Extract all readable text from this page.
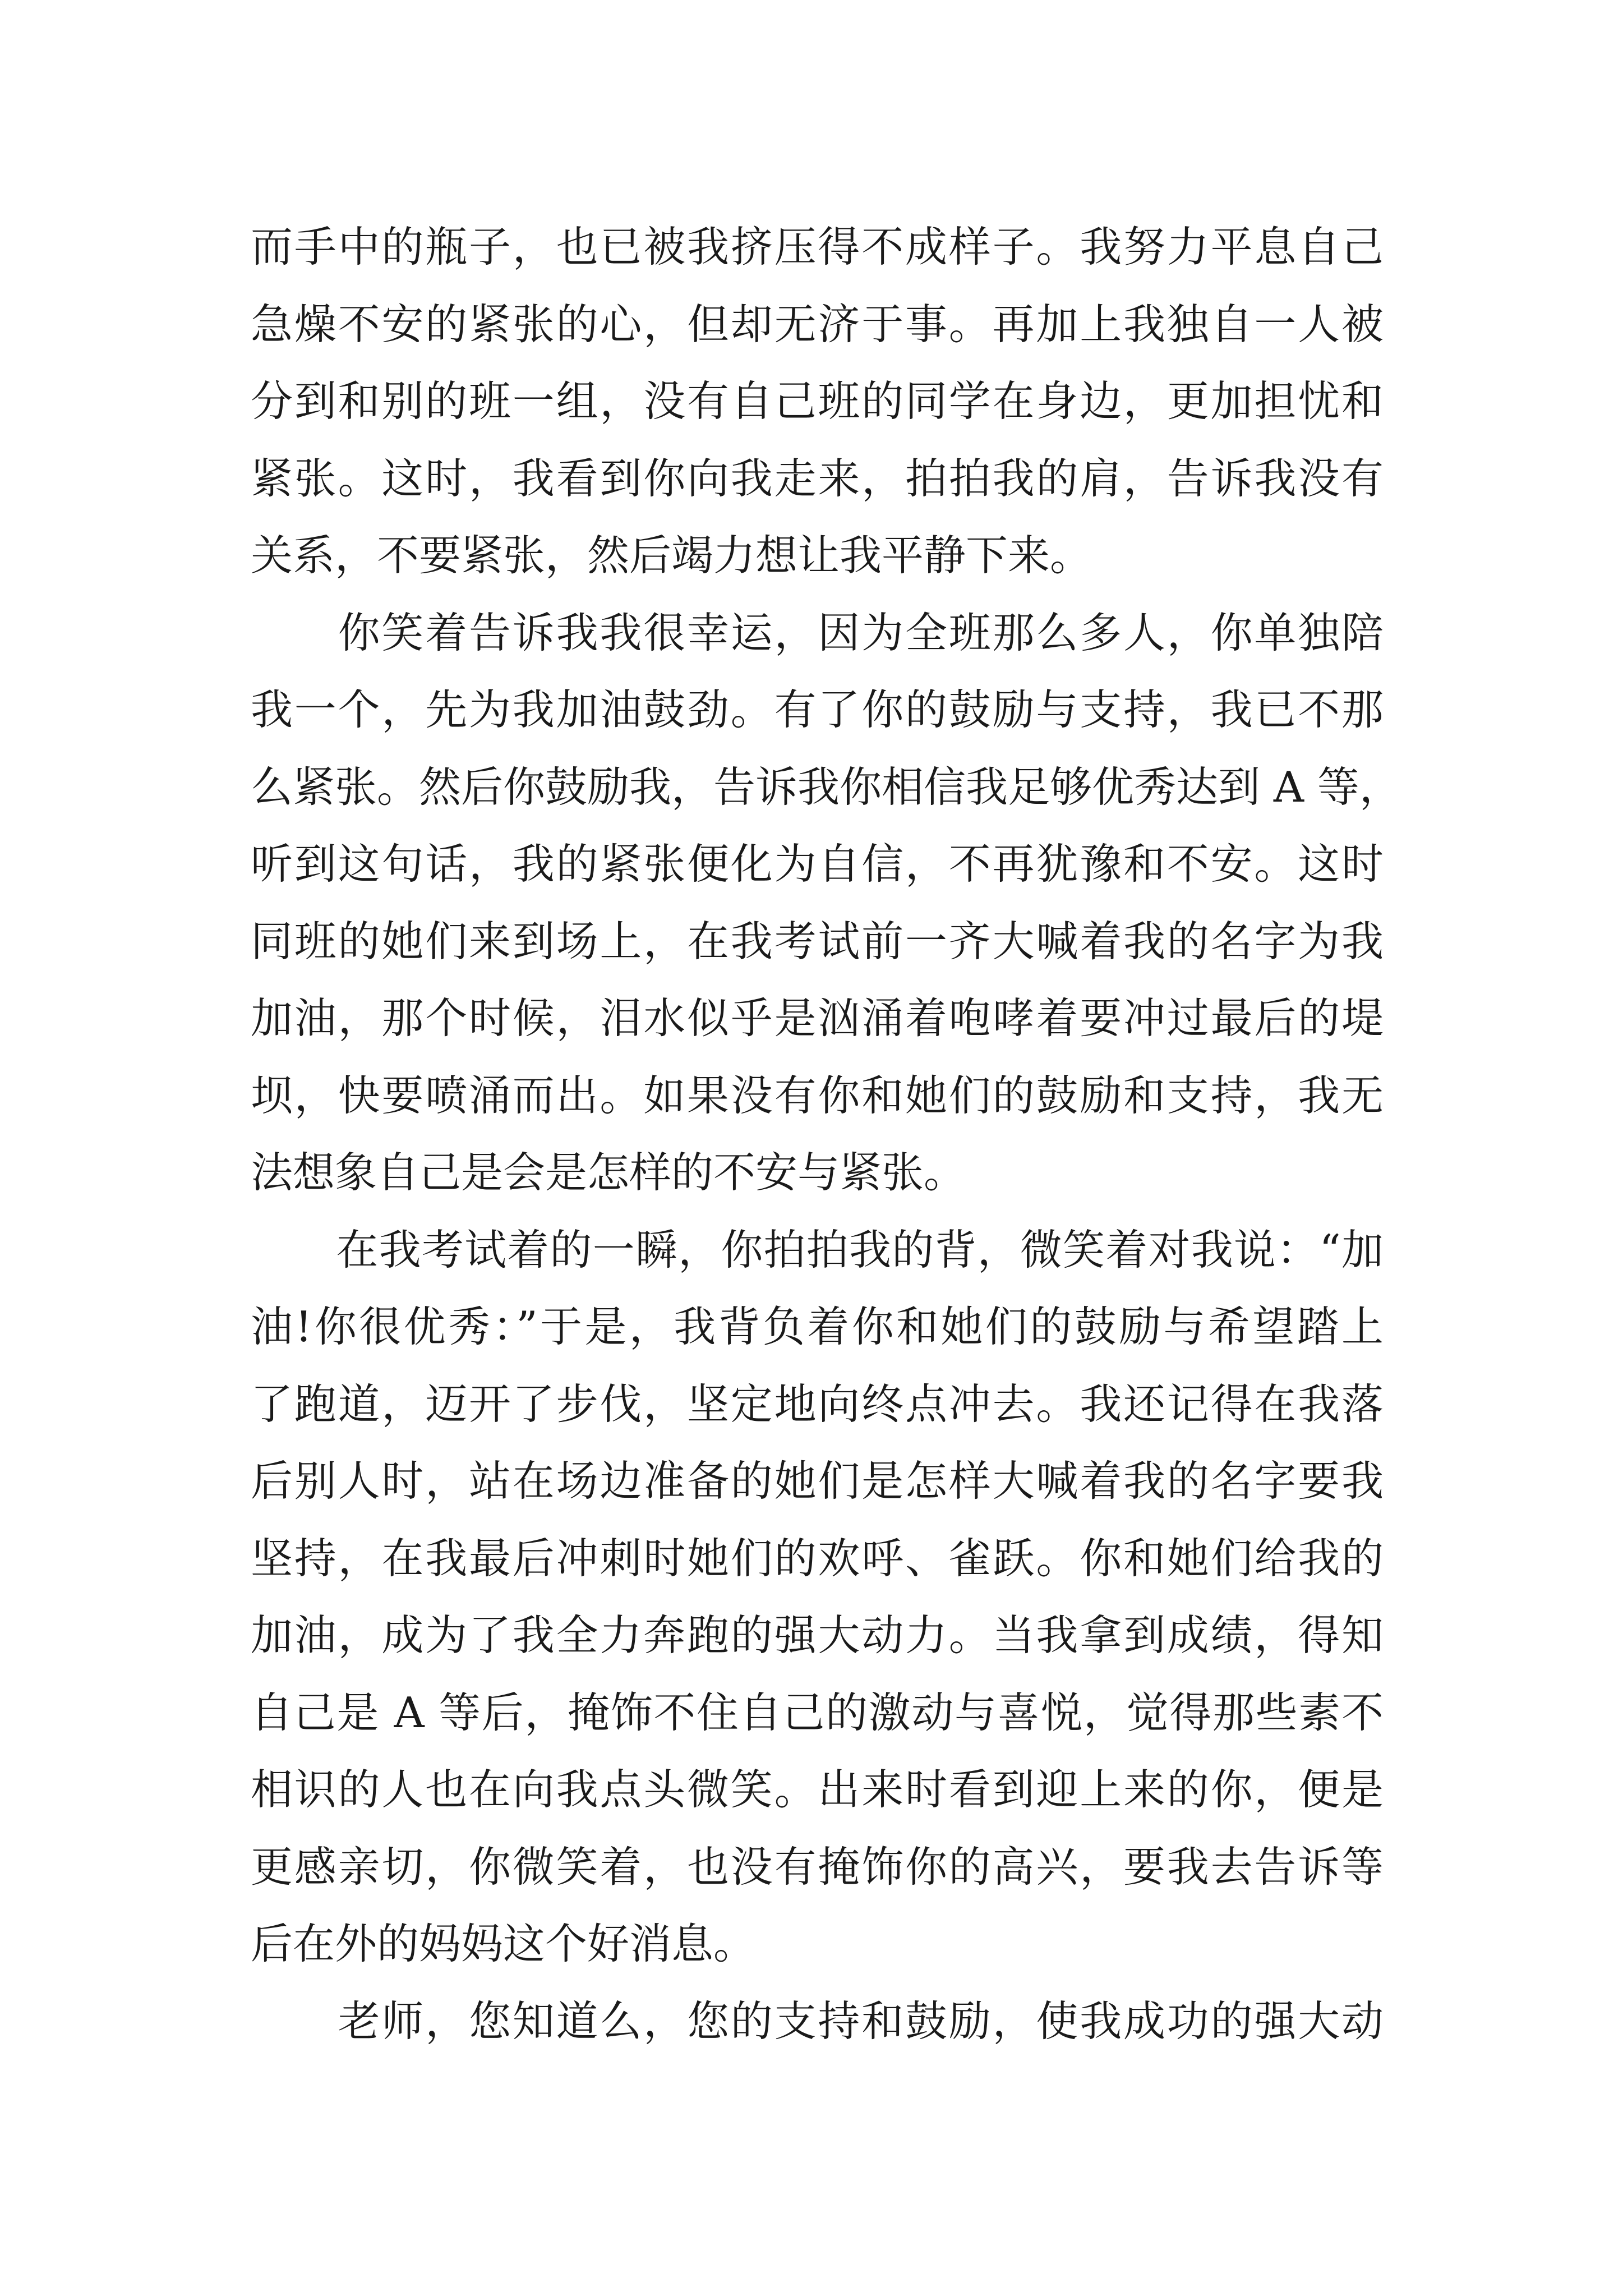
而手中的瓶子，也已被我挤压得不成样子。我努力平息自己
急燥不安的紧张的心，但却无济于事。再加上我独自一人被
分到和别的班一组，没有自己班的同学在身边，更加担忧和
紧张。这时，我看到你向我走来，拍拍我的肩，告诉我没有
关系，不要紧张，然后竭力想让我平静下来。
　　你笑着告诉我我很幸运，因为全班那么多人，你单独陪
我一个，先为我加油鼓劲。有了你的鼓励与支持，我已不那
么紧张。然后你鼓励我，告诉我你相信我足够优秀达到 A 等，
听到这句话，我的紧张便化为自信，不再犹豫和不安。这时
同班的她们来到场上，在我考试前一齐大喊着我的名字为我
加油，那个时候，泪水似乎是汹涌着咆哮着要冲过最后的堤
坝，快要喷涌而出。如果没有你和她们的鼓励和支持，我无
法想象自己是会是怎样的不安与紧张。
　　在我考试着的一瞬，你拍拍我的背，微笑着对我说：“加
油!你很优秀：”于是，我背负着你和她们的鼓励与希望踏上
了跑道，迈开了步伐，坚定地向终点冲去。我还记得在我落
后别人时，站在场边准备的她们是怎样大喊着我的名字要我
坚持，在我最后冲刺时她们的欢呼、雀跃。你和她们给我的
加油，成为了我全力奔跑的强大动力。当我拿到成绩，得知
自己是 A 等后，掩饰不住自己的激动与喜悦，觉得那些素不
相识的人也在向我点头微笑。出来时看到迎上来的你，便是
更感亲切，你微笑着，也没有掩饰你的高兴，要我去告诉等
后在外的妈妈这个好消息。
　　老师，您知道么，您的支持和鼓励，使我成功的强大动
